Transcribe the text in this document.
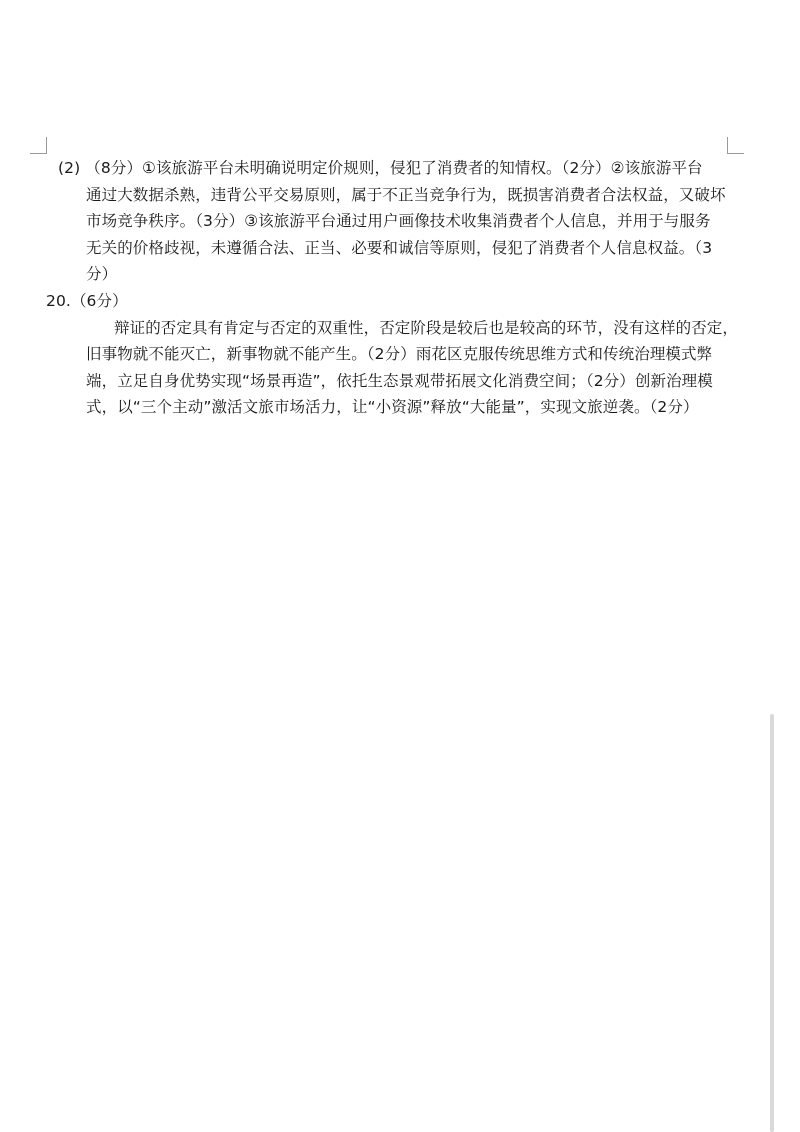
(2) （8分）①该旅游平台未明确说明定价规则，侵犯了消费者的知情权。（2分）②该旅游平台
通过大数据杀熟，违背公平交易原则，属于不正当竞争行为，既损害消费者合法权益，又破坏
市场竞争秩序。（3分）③该旅游平台通过用户画像技术收集消费者个人信息，并用于与服务
无关的价格歧视，未遵循合法、正当、必要和诚信等原则，侵犯了消费者个人信息权益。（3
分）
20.（6分）
辩证的否定具有肯定与否定的双重性，否定阶段是较后也是较高的环节，没有这样的否定，
旧事物就不能灭亡，新事物就不能产生。（2分）雨花区克服传统思维方式和传统治理模式弊
端，立足自身优势实现“场景再造”，依托生态景观带拓展文化消费空间；（2分）创新治理模
式，以“三个主动”激活文旅市场活力，让“小资源”释放“大能量”，实现文旅逆袭。（2分）
